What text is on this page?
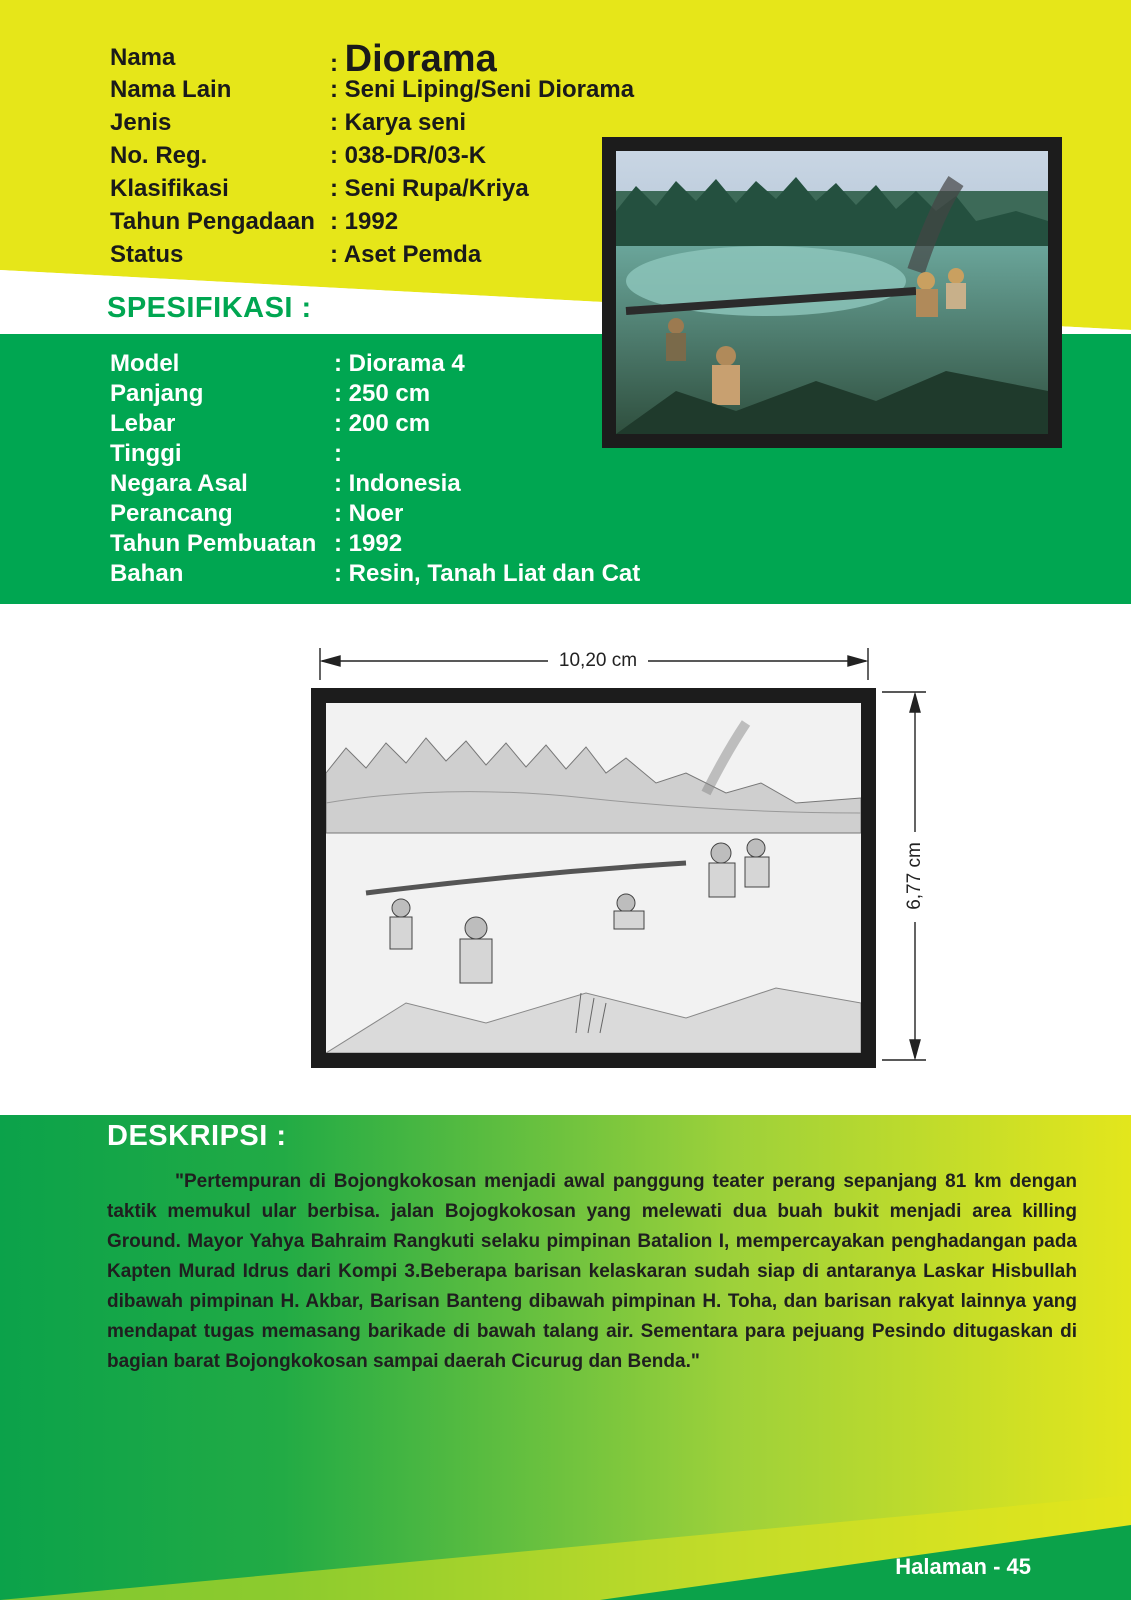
Nama	: Diorama
Nama Lain	: Seni Liping/Seni Diorama
Jenis	: Karya seni
No. Reg.	: 038-DR/03-K
Klasifikasi	: Seni Rupa/Kriya
Tahun Pengadaan : 1992
Status	: Aset Pemda
SPESIFIKASI :
Model	: Diorama 4
Panjang	: 250 cm
Lebar	: 200 cm
Tinggi	:
Negara Asal	: Indonesia
Perancang	: Noer
Tahun Pembuatan : 1992
Bahan	: Resin, Tanah Liat dan Cat
10,20 cm
6,77 cm
DESKRIPSI :

"Pertempuran di Bojongkokosan menjadi awal panggung teater perang sepanjang 81 km dengan taktik memukul ular berbisa. jalan Bojogkokosan yang melewati dua buah bukit menjadi area killing Ground. Mayor Yahya Bahraim Rangkuti selaku pimpinan Batalion I, mempercayakan penghadangan pada Kapten Murad Idrus dari Kompi 3.Beberapa barisan kelaskaran sudah siap di antaranya Laskar Hisbullah dibawah pimpinan H. Akbar, Barisan Banteng dibawah pimpinan H. Toha, dan barisan rakyat lainnya yang mendapat tugas memasang barikade di bawah talang air. Sementara para pejuang Pesindo ditugaskan di bagian barat Bojongkokosan sampai daerah Cicurug dan Benda."

Halaman - 45
